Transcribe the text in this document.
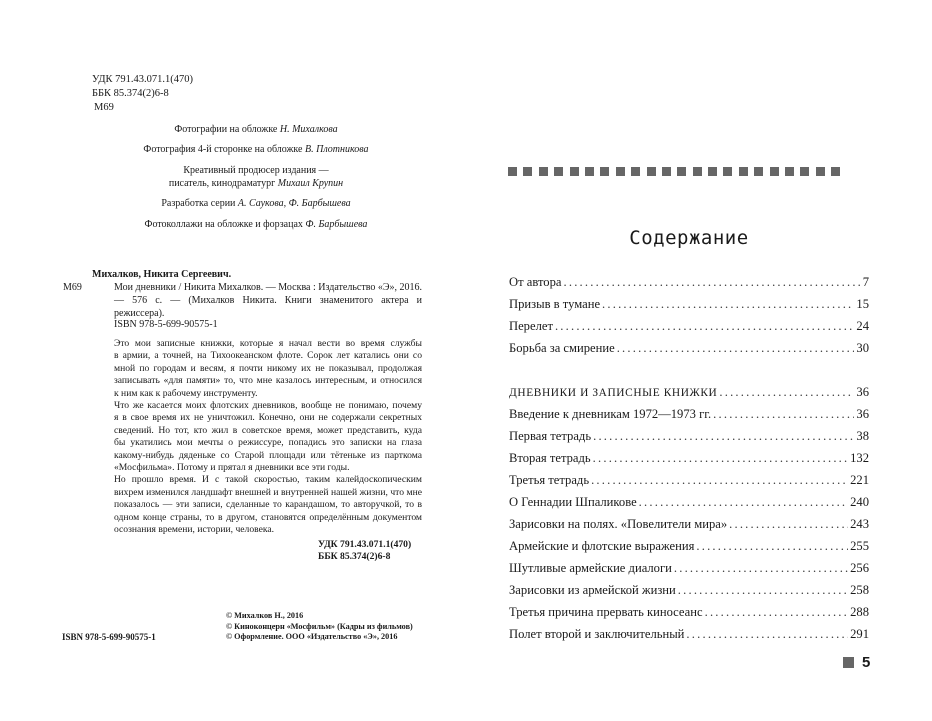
УДК 791.43.071.1(470)
ББК 85.374(2)6-8
М69
Фотографии на обложке Н. Михалкова
Фотография 4-й сторонке на обложке В. Плотникова
Креативный продюсер издания —
писатель, кинодраматург Михаил Крупин
Разработка серии А. Саукова, Ф. Барбышева
Фотоколлажи на обложке и форзацах Ф. Барбышева
М69
Михалков, Никита Сергеевич.
Мои дневники / Никита Михалков. — Москва : Издательство «Э», 2016. — 576 с. — (Михалков Никита. Книги знаменитого актера и режиссера).
ISBN 978-5-699-90575-1

Это мои записные книжки, которые я начал вести во время службы
в армии, а точней, на Тихоокеанском флоте. Сорок лет катались они со
мной по городам и весям, я почти никому их не показывал, продолжая
записывать «для памяти» то, что мне казалось интересным, и относился
к ним как к рабочему инструменту.

Что же касается моих флотских дневников, вообще не понимаю, почему
я в свое время их не уничтожил. Конечно, они не содержали секретных
сведений. Но тот, кто жил в советское время, может представить, куда
бы укатились мои мечты о режиссуре, попадись это записки на глаза
какому-нибудь дяденьке со Старой площади или тётеньке из парткома
«Мосфильма». Потому и прятал я дневники все эти годы.

Но прошло время. И с такой скоростью, таким калейдоскопическим
вихрем изменился ландшафт внешней и внутренней нашей жизни, что мне
показалось — эти записи, сделанные то карандашом, то авторучкой, то в
одном конце страны, то в другом, становятся определённым документом
осознания времени, истории, человека.

УДК 791.43.071.1(470)
ББК 85.374(2)6-8
ISBN 978-5-699-90575-1
© Михалков Н., 2016
© Киноконцерн «Мосфильм» (Кадры из фильмов)
© Оформление. ООО «Издательство «Э», 2016
Содержание
От автора .....	7
Призыв в тумане .....	15
Перелет .....	24
Борьба за смирение .....	30
ДНЕВНИКИ И ЗАПИСНЫЕ КНИЖКИ .....	36
Введение к дневникам 1972—1973 гг. .....	36
Первая тетрадь .....	38
Вторая тетрадь .....	132
Третья тетрадь .....	221
О Геннадии Шпаликове .....	240
Зарисовки на полях. «Повелители мира» .....	243
Армейские и флотские выражения .....	255
Шутливые армейские диалоги .....	256
Зарисовки из армейской жизни .....	258
Третья причина прервать киносеанс .....	288
Полет второй и заключительный .....	291
5
